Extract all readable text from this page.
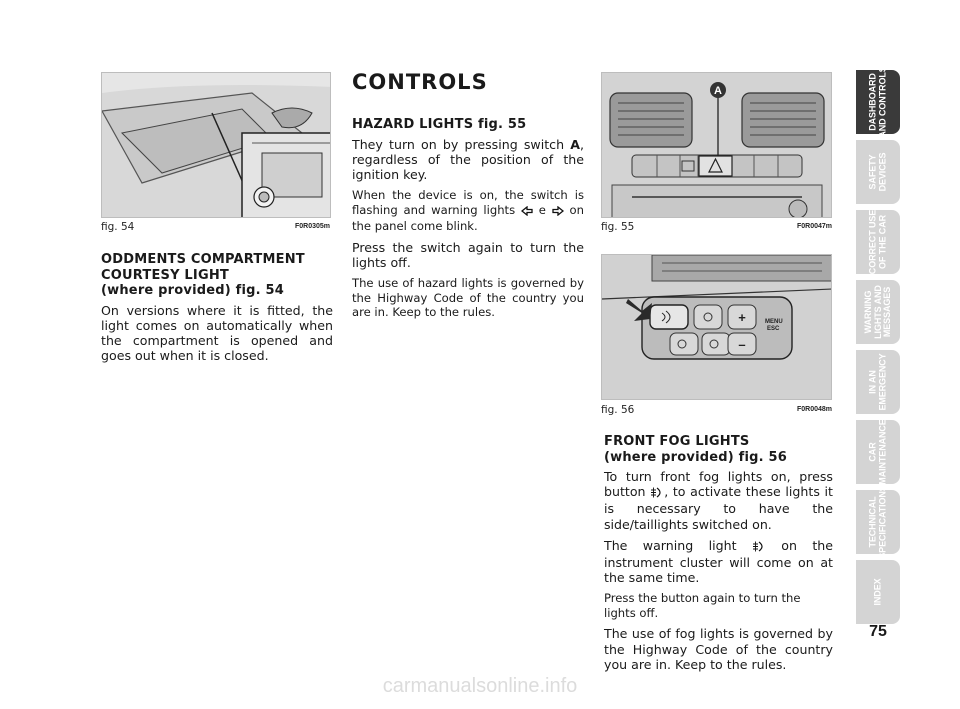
fig. 54	F0R0305m
ODDMENTS COMPARTMENT
COURTESY LIGHT
(where provided) fig. 54

On versions where it is fitted, the light comes on automatically when the compartment is opened and goes out when it is closed.

CONTROLS
HAZARD LIGHTS fig. 55

They turn on by pressing switch A, regardless of the position of the ignition key.

When the device is on, the switch is flashing and warning lights  e  on the panel come blink.

Press the switch again to turn the lights off.

The use of hazard lights is governed by the Highway Code of the country you are in. Keep to the rules.

A
fig. 55	F0R0047m
+
–
MENU
ESC
fig. 56	F0R0048m
FRONT FOG LIGHTS
(where provided) fig. 56

To turn front fog lights on, press button , to activate these lights it is necessary to have the side/taillights switched on.

The warning light  on the instrument cluster will come on at the same time.

Press the button again to turn the lights off.

The use of fog lights is governed by the Highway Code of the country you are in. Keep to the rules.

DASHBOARD
AND CONTROLS
SAFETY
DEVICES
CORRECT USE
OF THE CAR
WARNING
LIGHTS AND
MESSAGES
IN AN
EMERGENCY
CAR
MAINTENANCE
TECHNICAL
SPECIFICATIONS
INDEX
75
carmanualsonline.info
